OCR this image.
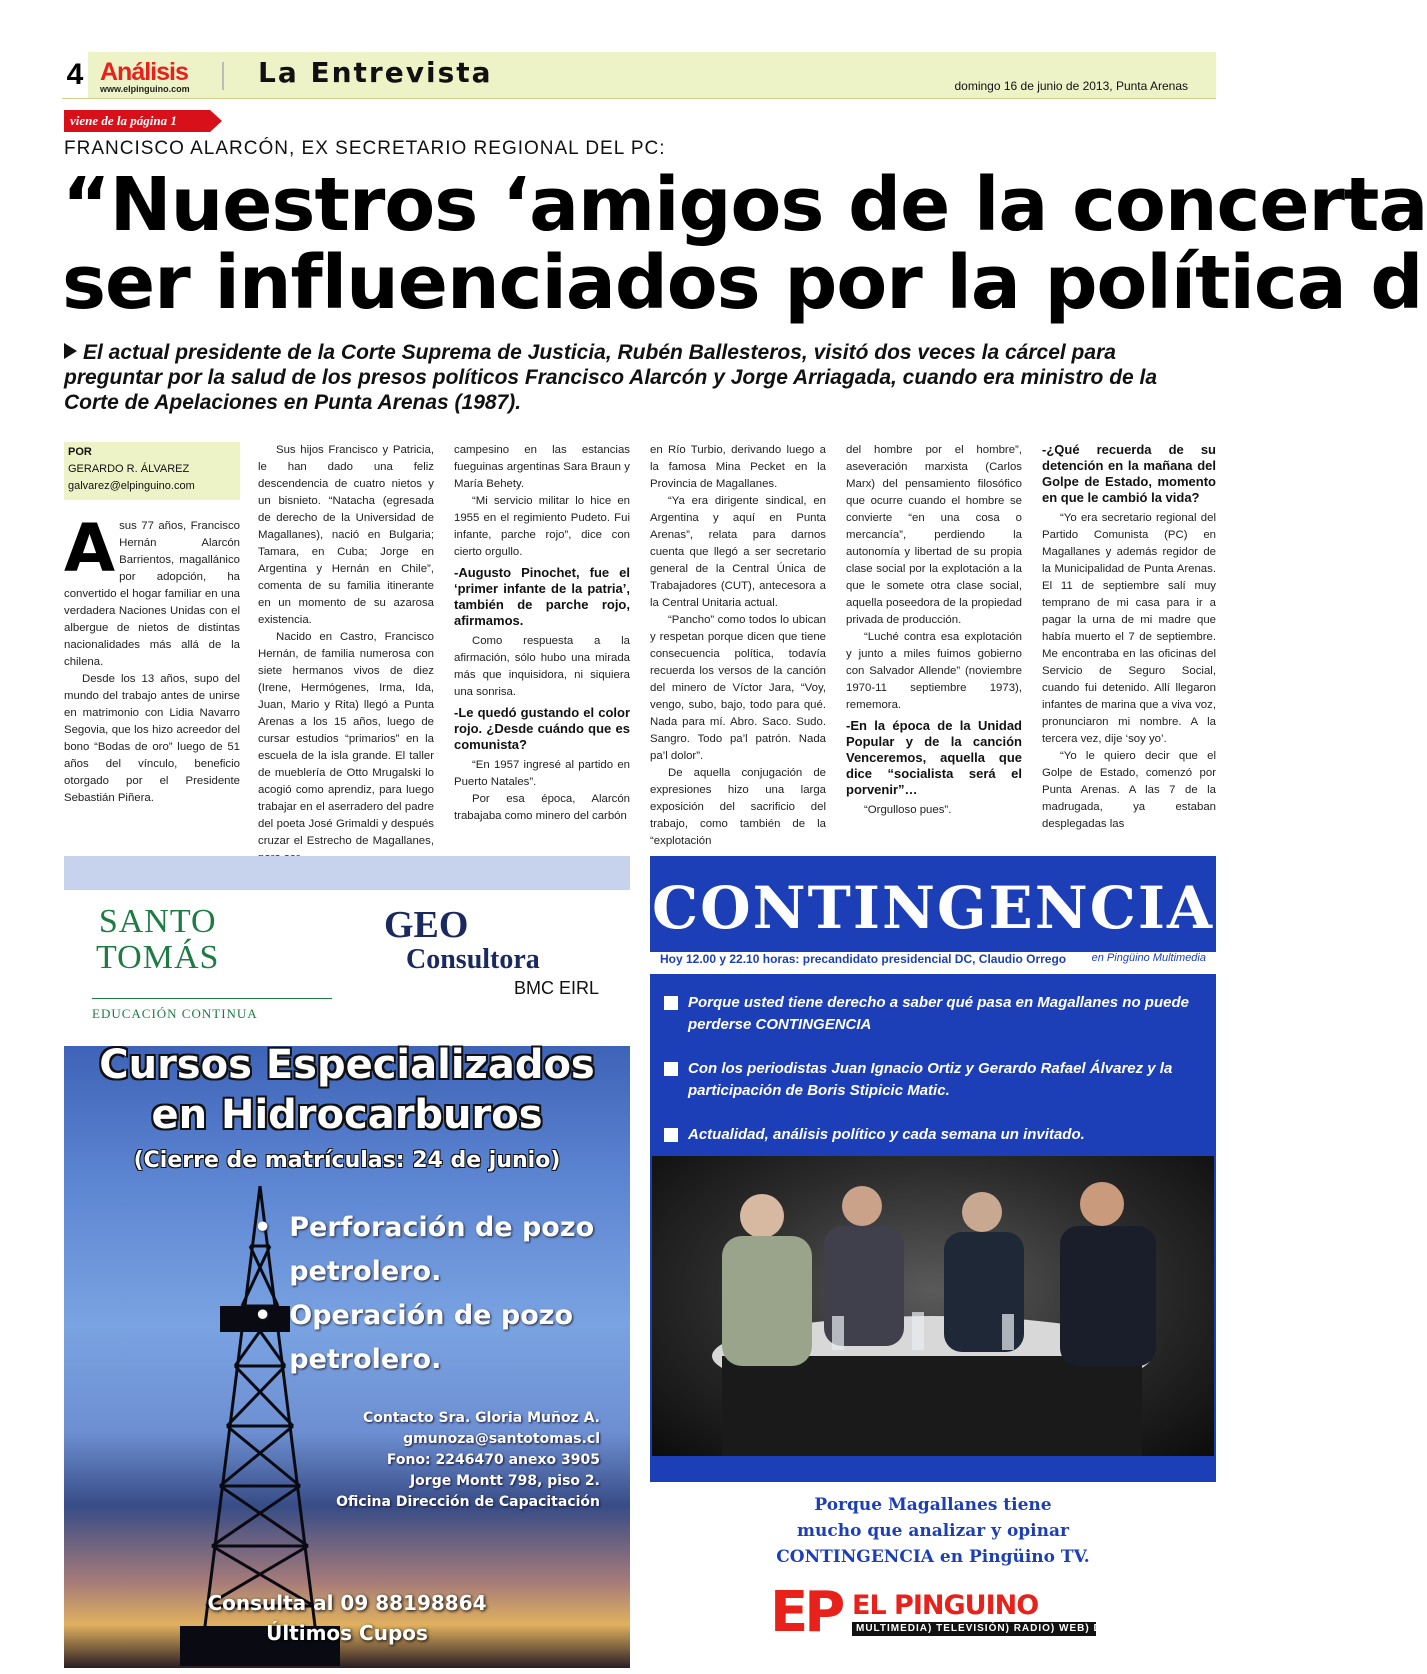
4 Análisis
www.elpinguino.com La Entrevista	domingo 16 de junio de 2013, Punta Arenas
viene de la página 1
FRANCISCO ALARCÓN, EX SECRETARIO REGIONAL DEL PC:
“Nuestros ‘amigos de la concerta
ser influenciados por la política d
El actual presidente de la Corte Suprema de Justicia, Rubén Ballesteros, visitó dos veces la cárcel para preguntar por la salud de los presos políticos Francisco Alarcón y Jorge Arriagada, cuando era ministro de la Corte de Apelaciones en Punta Arenas (1987).
POR
GERARDO R. ÁLVAREZ
galvarez@elpinguino.com

Asus 77 años, Francisco Hernán Alarcón Barrientos, magallánico por adopción, ha convertido el hogar familiar en una verdadera Naciones Unidas con el albergue de nietos de distintas nacionalidades más allá de la chilena.

Desde los 13 años, supo del mundo del trabajo antes de unirse en matrimonio con Lidia Navarro Segovia, que los hizo acreedor del bono “Bodas de oro” luego de 51 años del vínculo, beneficio otorgado por el Presidente Sebastián Piñera.

Sus hijos Francisco y Patricia, le han dado una feliz descendencia de cuatro nietos y un bisnieto. “Natacha (egresada de derecho de la Universidad de Magallanes), nació en Bulgaria; Tamara, en Cuba; Jorge en Argentina y Hernán en Chile”, comenta de su familia itinerante en un momento de su azarosa existencia.

Nacido en Castro, Francisco Hernán, de familia numerosa con siete hermanos vivos de diez (Irene, Hermógenes, Irma, Ida, Juan, Mario y Rita) llegó a Punta Arenas a los 15 años, luego de cursar estudios “primarios” en la escuela de la isla grande. El taller de mueblería de Otto Mrugalski lo acogió como aprendiz, para luego trabajar en el aserradero del padre del poeta José Grimaldi y después cruzar el Estrecho de Magallanes,

campesino en las estancias fueguinas argentinas Sara Braun y María Behety.

“Mi servicio militar lo hice en 1955 en el regimiento Pudeto. Fui infante, parche rojo”, dice con cierto orgullo.

-Augusto Pinochet, fue el ‘primer infante de la patria’, también de parche rojo, afirmamos.

Como respuesta a la afirmación, sólo hubo una mirada más que inquisidora, ni siquiera una sonrisa.

-Le quedó gustando el color rojo. ¿Desde cuándo que es comunista?

“En 1957 ingresé al partido en Puerto Natales”.

Por esa época, Alarcón trabajaba como minero del carbón

en Río Turbio, derivando luego a la famosa Mina Pecket en la Provincia de Magallanes.

“Ya era dirigente sindical, en Argentina y aquí en Punta Arenas”, relata para darnos cuenta que llegó a ser secretario general de la Central Única de Trabajadores (CUT), antecesora a la Central Unitaria actual.

“Pancho” como todos lo ubican y respetan porque dicen que tiene consecuencia política, todavía recuerda los versos de la canción del minero de Víctor Jara, “Voy, vengo, subo, bajo, todo para qué. Nada para mí. Abro. Saco. Sudo. Sangro. Todo pa’l patrón. Nada pa’l dolor”.

De aquella conjugación de expresiones hizo una larga exposición del sacrificio del trabajo, como también de la “explotación

del hombre por el hombre”, aseveración marxista (Carlos Marx) del pensamiento filosófico que ocurre cuando el hombre se convierte “en una cosa o mercancía”, perdiendo la autonomía y libertad de su propia clase social por la explotación a la que le somete otra clase social, aquella poseedora de la propiedad privada de producción.

“Luché contra esa explotación y junto a miles fuimos gobierno con Salvador Allende” (noviembre 1970-11 septiembre 1973), rememora.

-En la época de la Unidad Popular y de la canción Venceremos, aquella que dice “socialista será el porvenir”…

“Orgulloso pues”.

-¿Qué recuerda de su detención en la mañana del Golpe de Estado, momento en que le cambió la vida?

“Yo era secretario regional del Partido Comunista (PC) en Magallanes y además regidor de la Municipalidad de Punta Arenas. El 11 de septiembre salí muy temprano de mi casa para ir a pagar la urna de mi madre que había muerto el 7 de septiembre. Me encontraba en las oficinas del Servicio de Seguro Social, cuando fui detenido. Allí llegaron infantes de marina que a viva voz, pronunciaron mi nombre. A la tercera vez, dije ‘soy yo’.

“Yo le quiero decir que el Golpe de Estado, comenzó por Punta Arenas. A las 7 de la madrugada, ya estaban desplegadas las

SANTO
TOMÁS
EDUCACIÓN CONTINUA
GEO
Consultora
BMC EIRL
Cursos Especializados
en Hidrocarburos
(Cierre de matrículas: 24 de junio)
• Perforación de pozo petrolero.
• Operación de pozo petrolero.
Contacto Sra. Gloria Muñoz A.
gmunoza@santotomas.cl
Fono: 2246470 anexo 3905
Jorge Montt 798, piso 2.
Oficina Dirección de Capacitación
Consulta al 09 88198864
Últimos Cupos
CONTINGENCIA
Hoy 12.00 y 22.10 horas: precandidato presidencial DC, Claudio Orrego en Pingüino Multimedia
Porque usted tiene derecho a saber qué pasa en Magallanes no puede perderse CONTINGENCIA
Con los periodistas Juan Ignacio Ortiz y Gerardo Rafael Álvarez y la participación de Boris Stipicic Matic.
Actualidad, análisis político y cada semana un invitado.
Porque Magallanes tiene
mucho que analizar y opinar
CONTINGENCIA en Pingüino TV.
EP EL PINGUINO
MULTIMEDIA) TELEVISIÓN) RADIO) WEB) DIARIO
